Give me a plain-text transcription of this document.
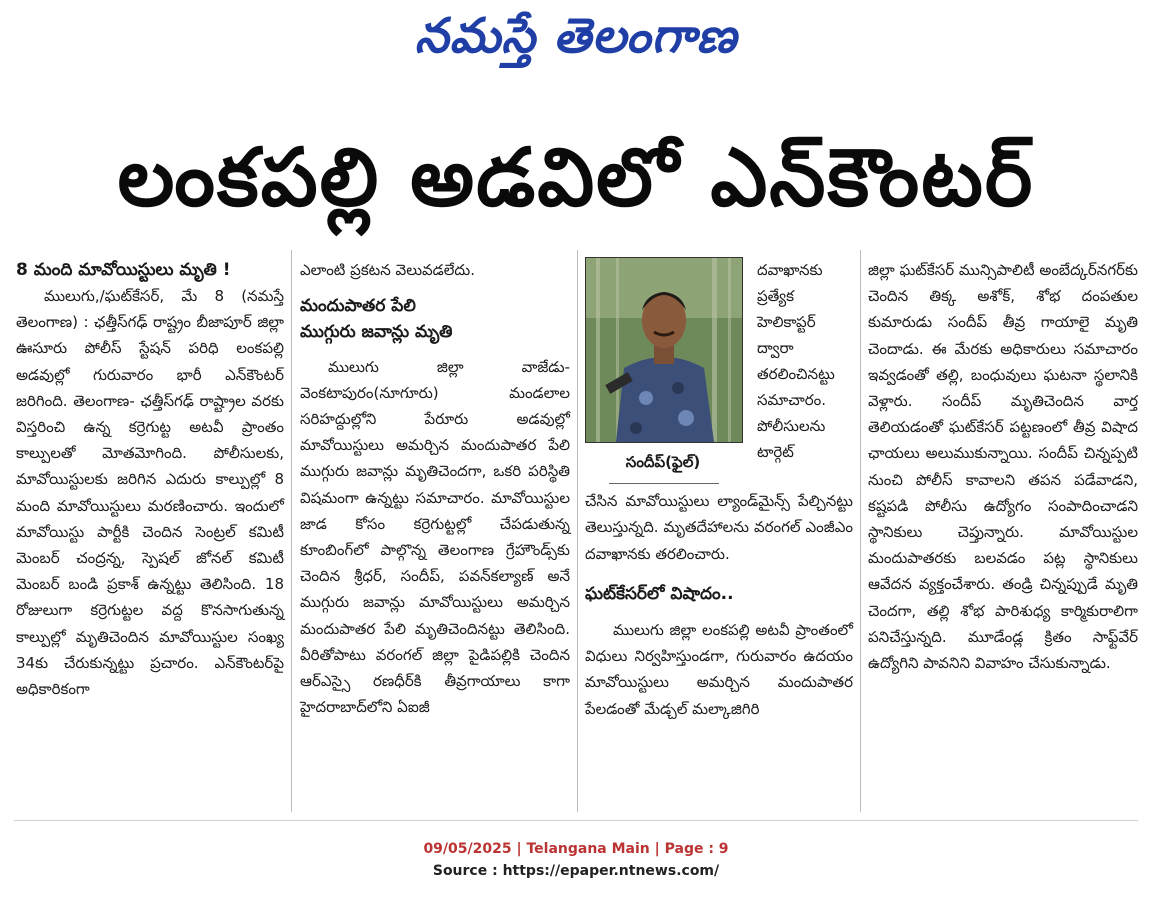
నమస్తే తెలంగాణ
లంకపల్లి అడవిలో ఎన్‌కౌంటర్

8 మంది మావోయిస్టులు మృతి !

ములుగు,/ఘట్‌కేసర్, మే 8 (నమస్తే తెలంగాణ) : ఛత్తీస్‌గఢ్ రాష్ట్రం బీజాపూర్ జిల్లా ఊసూరు పోలీస్ స్టేషన్ పరిధి లంకపల్లి అడవుల్లో గురువారం భారీ ఎన్‌కౌంటర్ జరిగింది. తెలంగాణ- ఛత్తీస్‌గఢ్ రాష్ట్రాల వరకు విస్తరించి ఉన్న కర్రెగుట్ట అటవీ ప్రాంతం కాల్పులతో మోతమోగింది. పోలీసులకు, మావోయిస్టులకు జరిగిన ఎదురు కాల్పుల్లో 8 మంది మావోయిస్టులు మరణించారు. ఇందులో మావోయిస్టు పార్టీకి చెందిన సెంట్రల్ కమిటీ మెంబర్ చంద్రన్న, స్పెషల్ జోనల్ కమిటీ మెంబర్ బండి ప్రకాశ్ ఉన్నట్టు తెలిసింది. 18 రోజులుగా కర్రెగుట్టల వద్ద కొనసాగుతున్న కాల్పుల్లో మృతిచెందిన మావోయిస్టుల సంఖ్య 34కు చేరుకున్నట్టు ప్రచారం. ఎన్‌కౌంటర్‌పై అధికారికంగా

ఎలాంటి ప్రకటన వెలువడలేదు.

మందుపాతర పేలి

ముగ్గురు జవాన్లు మృతి

ములుగు జిల్లా వాజేడు-వెంకటాపురం(నూగూరు) మండలాల సరిహద్దుల్లోని పేరూరు అడవుల్లో మావోయిస్టులు అమర్చిన మందుపాతర పేలి ముగ్గురు జవాన్లు మృతిచెందగా, ఒకరి పరిస్థితి విషమంగా ఉన్నట్టు సమాచారం. మావోయిస్టుల జాడ కోసం కర్రెగుట్టల్లో చేపడుతున్న కూంబింగ్‌లో పాల్గొన్న తెలంగాణ గ్రేహౌండ్స్‌కు చెందిన శ్రీధర్, సందీప్, పవన్‌కల్యాణ్ అనే ముగ్గురు జవాన్లు మావోయిస్టులు అమర్చిన మందుపాతర పేలి మృతిచెందినట్టు తెలిసింది. వీరితోపాటు వరంగల్ జిల్లా పైడిపల్లికి చెందిన ఆర్‌ఎస్సై రణధీర్‌కి తీవ్రగాయాలు కాగా హైదరాబాద్‌లోని ఏఐజీ

సందీప్(ఫైల్)
దవాఖానకు ప్రత్యేక హెలికాప్టర్ ద్వారా తరలించినట్టు సమాచారం. పోలీసులను టార్గెట్

చేసిన మావోయిస్టులు ల్యాండ్‌మైన్స్ పేల్చినట్టు తెలుస్తున్నది. మృతదేహాలను వరంగల్ ఎంజీఎం దవాఖానకు తరలించారు.

ఘట్‌కేసర్‌లో విషాదం..

ములుగు జిల్లా లంకపల్లి అటవీ ప్రాంతంలో విధులు నిర్వహిస్తుండగా, గురువారం ఉదయం మావోయిస్టులు అమర్చిన మందుపాతర పేలడంతో మేడ్చల్ మల్కాజిగిరి

జిల్లా ఘట్‌కేసర్ మున్సిపాలిటీ అంబేద్కర్‌నగర్‌కు చెందిన తిక్క అశోక్, శోభ దంపతుల కుమారుడు సందీప్ తీవ్ర గాయాలై మృతి చెందాడు. ఈ మేరకు అధికారులు సమాచారం ఇవ్వడంతో తల్లి, బంధువులు ఘటనా స్థలానికి వెళ్లారు. సందీప్ మృతిచెందిన వార్త తెలియడంతో ఘట్‌కేసర్ పట్టణంలో తీవ్ర విషాద ఛాయలు అలుముకున్నాయి. సందీప్ చిన్నప్పటి నుంచి పోలీస్ కావాలని తపన పడేవాడని, కష్టపడి పోలీసు ఉద్యోగం సంపాదించాడని స్థానికులు చెప్తున్నారు. మావోయిస్టుల మందుపాతరకు బలవడం పట్ల స్థానికులు ఆవేదన వ్యక్తంచేశారు. తండ్రి చిన్నప్పుడే మృతి చెందగా, తల్లి శోభ పారిశుధ్య కార్మికురాలిగా పనిచేస్తున్నది. మూడేండ్ల క్రితం సాఫ్ట్‌వేర్ ఉద్యోగిని పావనిని వివాహం చేసుకున్నాడు.

09/05/2025 | Telangana Main | Page : 9
Source : https://epaper.ntnews.com/
